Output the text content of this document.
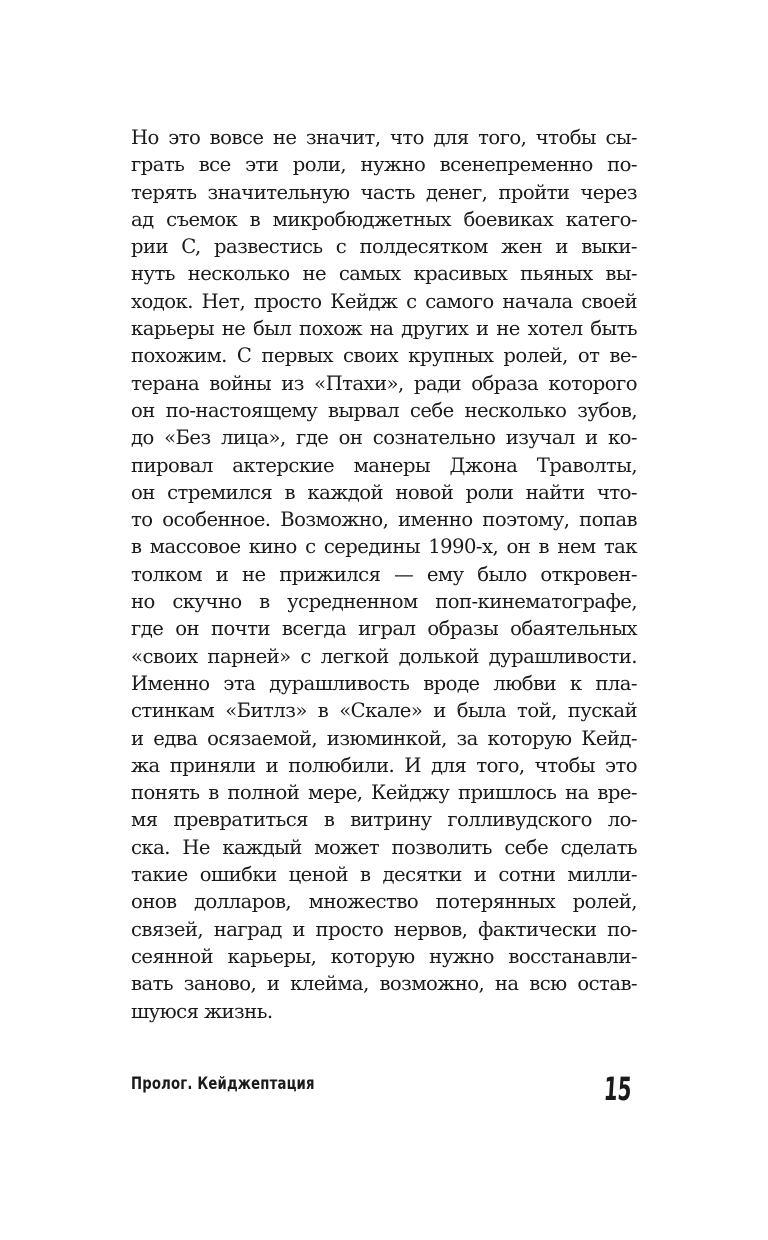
Но это вовсе не значит, что для того, чтобы сы-
грать все эти роли, нужно всенепременно по-
терять значительную часть денег, пройти через
ад съемок в микробюджетных боевиках катего-
рии C, развестись с полдесятком жен и выки-
нуть несколько не самых красивых пьяных вы-
ходок. Нет, просто Кейдж с самого начала своей
карьеры не был похож на других и не хотел быть
похожим. С первых своих крупных ролей, от ве-
терана войны из «Птахи», ради образа которого
он по-настоящему вырвал себе несколько зубов,
до «Без лица», где он сознательно изучал и ко-
пировал актерские манеры Джона Траволты,
он стремился в каждой новой роли найти что-
то особенное. Возможно, именно поэтому, попав
в массовое кино с середины 1990-х, он в нем так
толком и не прижился — ему было откровен-
но скучно в усредненном поп-кинематографе,
где он почти всегда играл образы обаятельных
«своих парней» с легкой долькой дурашливости.
Именно эта дурашливость вроде любви к пла-
стинкам «Битлз» в «Скале» и была той, пускай
и едва осязаемой, изюминкой, за которую Кейд-
жа приняли и полюбили. И для того, чтобы это
понять в полной мере, Кейджу пришлось на вре-
мя превратиться в витрину голливудского ло-
ска. Не каждый может позволить себе сделать
такие ошибки ценой в десятки и сотни милли-
онов долларов, множество потерянных ролей,
связей, наград и просто нервов, фактически по-
сеянной карьеры, которую нужно восстанавли-
вать заново, и клейма, возможно, на всю остав-
шуюся жизнь.
Пролог. Кейджептация	15
